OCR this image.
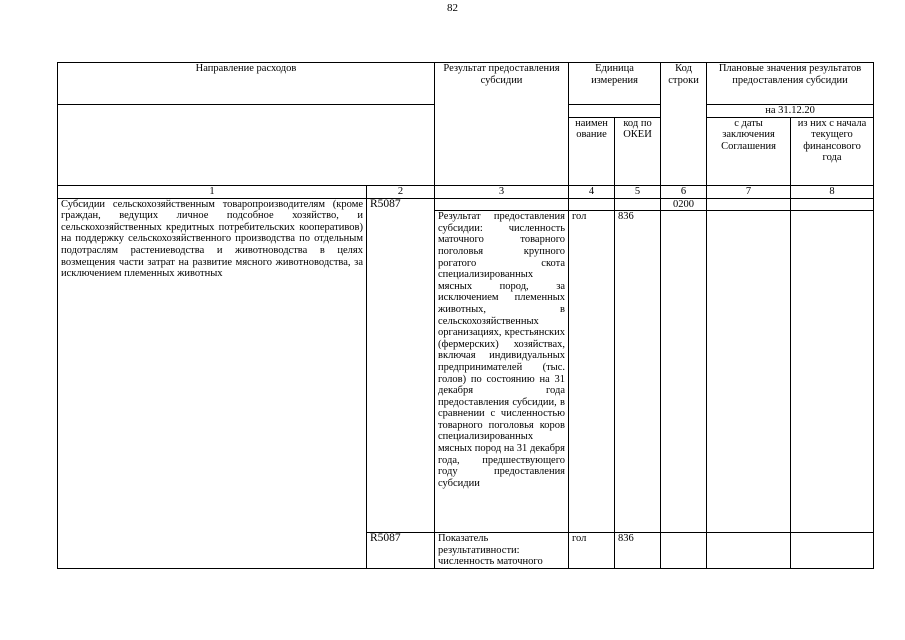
82
Направление расходов		Результат предоставления субсидии	Единица измерения		Код строки	Плановые значения результатов предоставления субсидии	
						на 31.12.20	
			наимен ование	код по ОКЕИ		с даты заключения Соглашения	из них с начала текущего финансового года
1	2	3	4	5	6	7	8
Субсидии сельскохозяйственным товаропроизводителям (кроме граждан, ведущих личное подсобное хозяйство, и сельскохозяйственных кредитных потребительских кооперативов) на поддержку сельскохозяйственного производства по отдельным подотраслям растениеводства и животноводства в целях возмещения части затрат на развитие мясного животноводства, за исключением племенных животных	R5087				0200		
		Результат предоставления субсидии: численность маточного товарного поголовья крупного рогатого скота специализированных мясных пород, за исключением племенных животных, в сельскохозяйственных организациях, крестьянских (фермерских) хозяйствах, включая индивидуальных предпринимателей (тыс. голов) по состоянию на 31 декабря года предоставления субсидии, в сравнении с численностью товарного поголовья коров специализированных мясных пород на 31 декабря года, предшествующего году предоставления субсидии	гол	836			
	R5087	Показатель результативности: численность маточного	гол	836			
